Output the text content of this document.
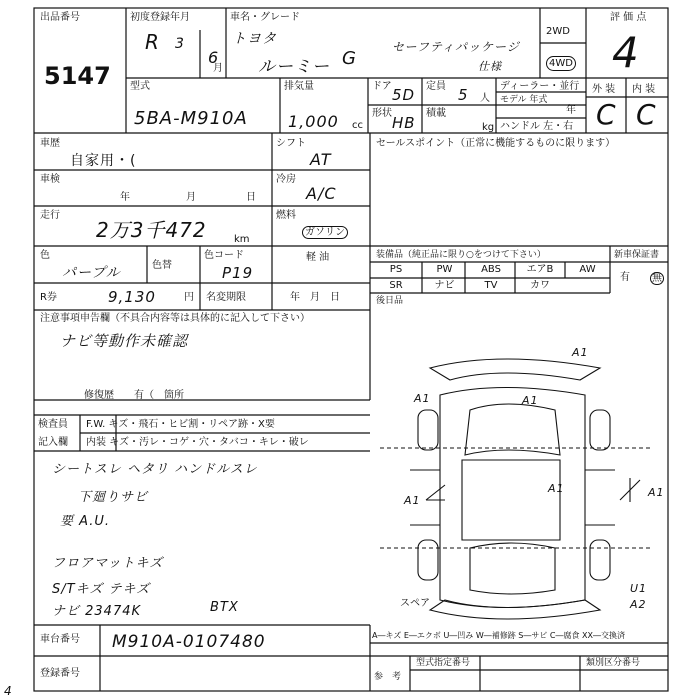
出品番号
5147
初度登録年月
R 3
6
月
車名・グレード
トヨタ
ルーミー G
セーフティパッケージ
仕様
2WD
4WD
評 価 点
4
外 装 内 装
C C
型式
5BA-M910A
排気量
1,000 cc
ドア 5D
形状
HB
定員 5 人
積載
kg
ディーラー・並行
モデル 年式
年
ハンドル 左・右
車歴
自家用・(
シフト
AT
車検
年	月	日
冷房
A/C
走行
2万3千472	km
燃料
ガソリン
軽 油
色
パープル	色替
色コード
P19
R券	9,130	円 名変期限	年　月　日
セールスポイント（正常に機能するものに限ります）
装備品（純正品に限り○をつけて下さい）	新車保証書
有 無
PS	PW	ABS	エアB	AW
SR	ナビ	TV	カワ
後日品
注意事項申告欄（不具合内容等は具体的に記入して下さい）
ナビ等動作未確認
修復歴　　有（　箇所
検査員
記入欄
F.W. キズ・飛石・ヒビ割・リペア跡・X要
内装 キズ・汚レ・コゲ・穴・タバコ・キレ・破レ
シートスレ ヘタリ ハンドルスレ
下廻りサビ
要 A.U.
フロアマットキズ
S/Tキズ テキズ
ナビ 23474K	BTX
A1
A1	A1
A1
A1
A1
U1
A2
スペア
A―キズ E―エクボ U―凹み W―補修跡 S―サビ C―腐食 XX―交換済
車台番号 M910A-0107480
登録番号
型式指定番号	類別区分番号
参　考
4
